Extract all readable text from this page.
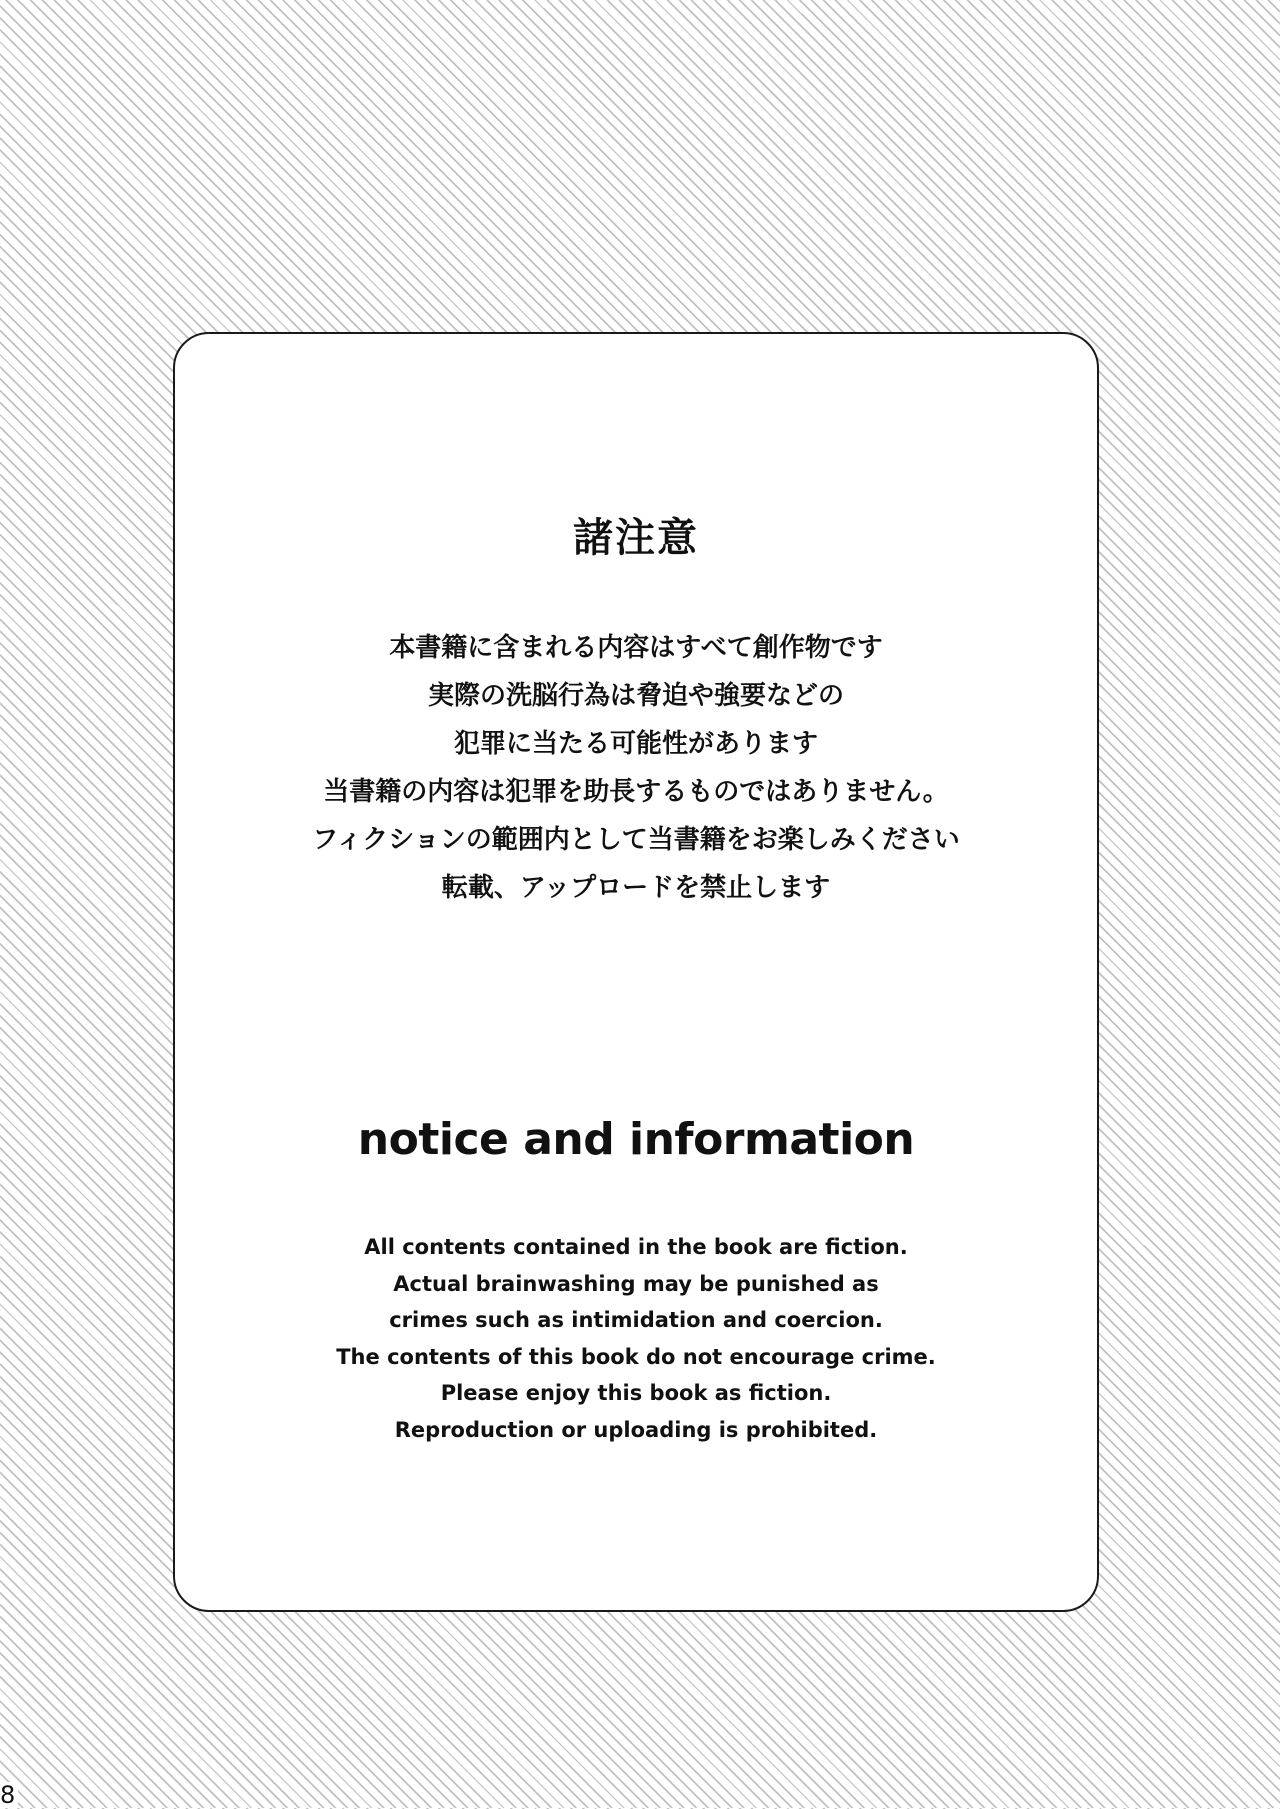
諸注意
本書籍に含まれる内容はすべて創作物です
実際の洗脳行為は脅迫や強要などの
犯罪に当たる可能性があります
当書籍の内容は犯罪を助長するものではありません。
フィクションの範囲内として当書籍をお楽しみください
転載、アップロードを禁止します
notice and information
All contents contained in the book are fiction.
Actual brainwashing may be punished as
crimes such as intimidation and coercion.
The contents of this book do not encourage crime.
Please enjoy this book as fiction.
Reproduction or uploading is prohibited.
8
